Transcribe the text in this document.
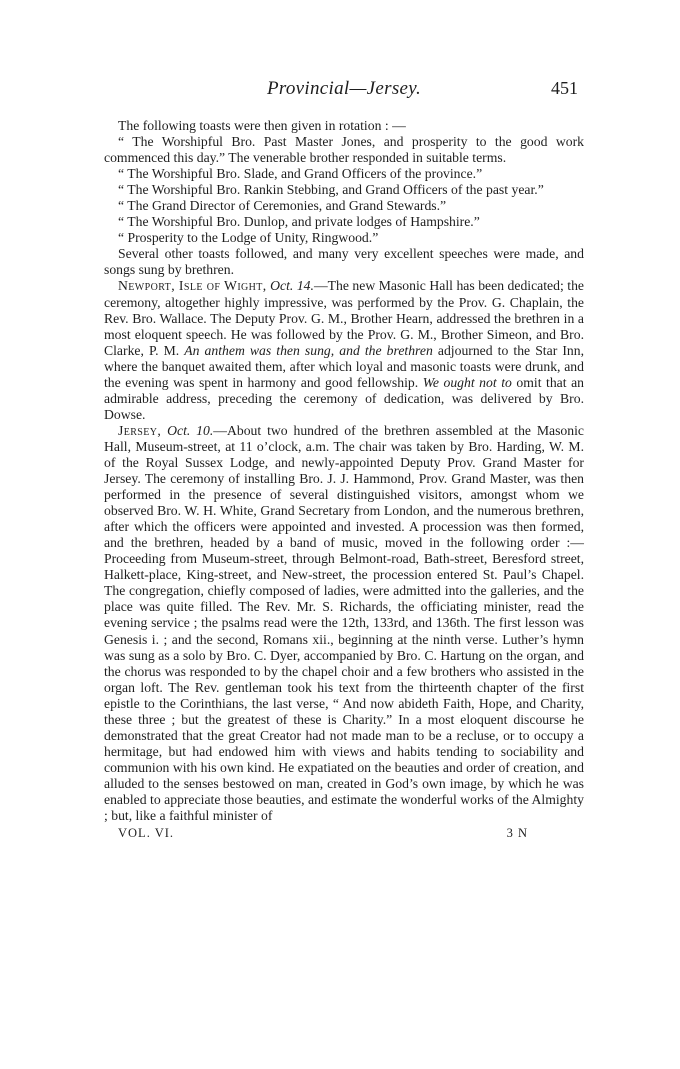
Provincial—Jersey.	451

The following toasts were then given in rotation : —

“ The Worshipful Bro. Past Master Jones, and prosperity to the good work commenced this day.” The venerable brother responded in suitable terms.

“ The Worshipful Bro. Slade, and Grand Officers of the province.”

“ The Worshipful Bro. Rankin Stebbing, and Grand Officers of the past year.”

“ The Grand Director of Ceremonies, and Grand Stewards.”

“ The Worshipful Bro. Dunlop, and private lodges of Hampshire.”

“ Prosperity to the Lodge of Unity, Ringwood.”

Several other toasts followed, and many very excellent speeches were made, and songs sung by brethren.

Newport, Isle of Wight, Oct. 14.—The new Masonic Hall has been dedicated; the ceremony, altogether highly impressive, was performed by the Prov. G. Chaplain, the Rev. Bro. Wallace. The Deputy Prov. G. M., Brother Hearn, addressed the brethren in a most eloquent speech. He was followed by the Prov. G. M., Brother Simeon, and Bro. Clarke, P. M. An anthem was then sung, and the brethren adjourned to the Star Inn, where the banquet awaited them, after which loyal and masonic toasts were drunk, and the evening was spent in harmony and good fellowship. We ought not to omit that an admirable address, preceding the ceremony of dedication, was delivered by Bro. Dowse.

Jersey, Oct. 10.—About two hundred of the brethren assembled at the Masonic Hall, Museum-street, at 11 o’clock, a.m. The chair was taken by Bro. Harding, W. M. of the Royal Sussex Lodge, and newly-appointed Deputy Prov. Grand Master for Jersey. The ceremony of installing Bro. J. J. Hammond, Prov. Grand Master, was then performed in the presence of several distinguished visitors, amongst whom we observed Bro. W. H. White, Grand Secretary from London, and the numerous brethren, after which the officers were appointed and invested. A procession was then formed, and the brethren, headed by a band of music, moved in the following order :—Proceeding from Museum-street, through Belmont-road, Bath-street, Beresford street, Halkett-place, King-street, and New-street, the procession entered St. Paul’s Chapel. The congregation, chiefly composed of ladies, were admitted into the galleries, and the place was quite filled. The Rev. Mr. S. Richards, the officiating minister, read the evening service ; the psalms read were the 12th, 133rd, and 136th. The first lesson was Genesis i. ; and the second, Romans xii., beginning at the ninth verse. Luther’s hymn was sung as a solo by Bro. C. Dyer, accompanied by Bro. C. Hartung on the organ, and the chorus was responded to by the chapel choir and a few brothers who assisted in the organ loft. The Rev. gentleman took his text from the thirteenth chapter of the first epistle to the Corinthians, the last verse, “ And now abideth Faith, Hope, and Charity, these three ; but the greatest of these is Charity.” In a most eloquent discourse he demonstrated that the great Creator had not made man to be a recluse, or to occupy a hermitage, but had endowed him with views and habits tending to sociability and communion with his own kind. He expatiated on the beauties and order of creation, and alluded to the senses bestowed on man, created in God’s own image, by which he was enabled to appreciate those beauties, and estimate the wonderful works of the Almighty ; but, like a faithful minister of

VOL. VI.	3 N
